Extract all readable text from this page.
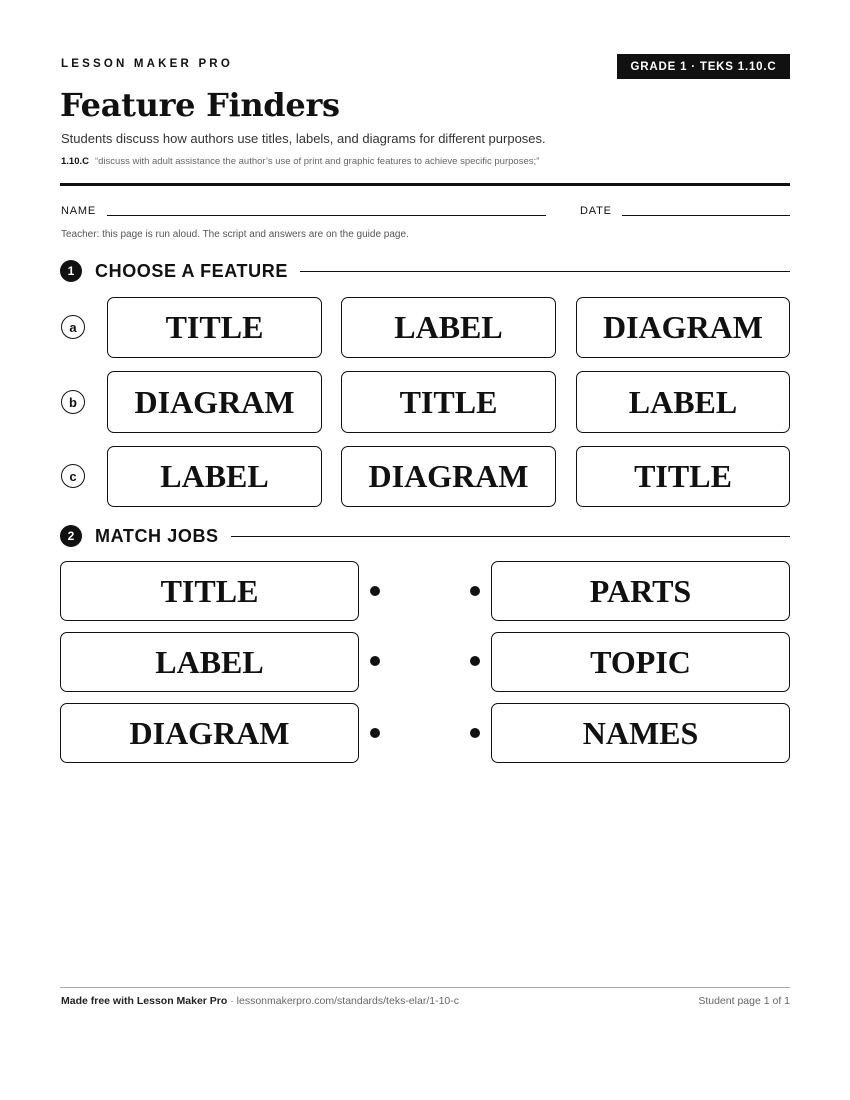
LESSON MAKER PRO	GRADE 1 · TEKS 1.10.C
Feature Finders
Students discuss how authors use titles, labels, and diagrams for different purposes.
1.10.C “discuss with adult assistance the author’s use of print and graphic features to achieve specific purposes;”
NAME	DATE
Teacher: this page is run aloud. The script and answers are on the guide page.
1	CHOOSE A FEATURE
a	TITLE	LABEL	DIAGRAM
b	DIAGRAM	TITLE	LABEL
c	LABEL	DIAGRAM	TITLE
2	MATCH JOBS
TITLE	PARTS
LABEL	TOPIC
DIAGRAM	NAMES
Made free with Lesson Maker Pro · lessonmakerpro.com/standards/teks-elar/1-10-c	Student page 1 of 1
